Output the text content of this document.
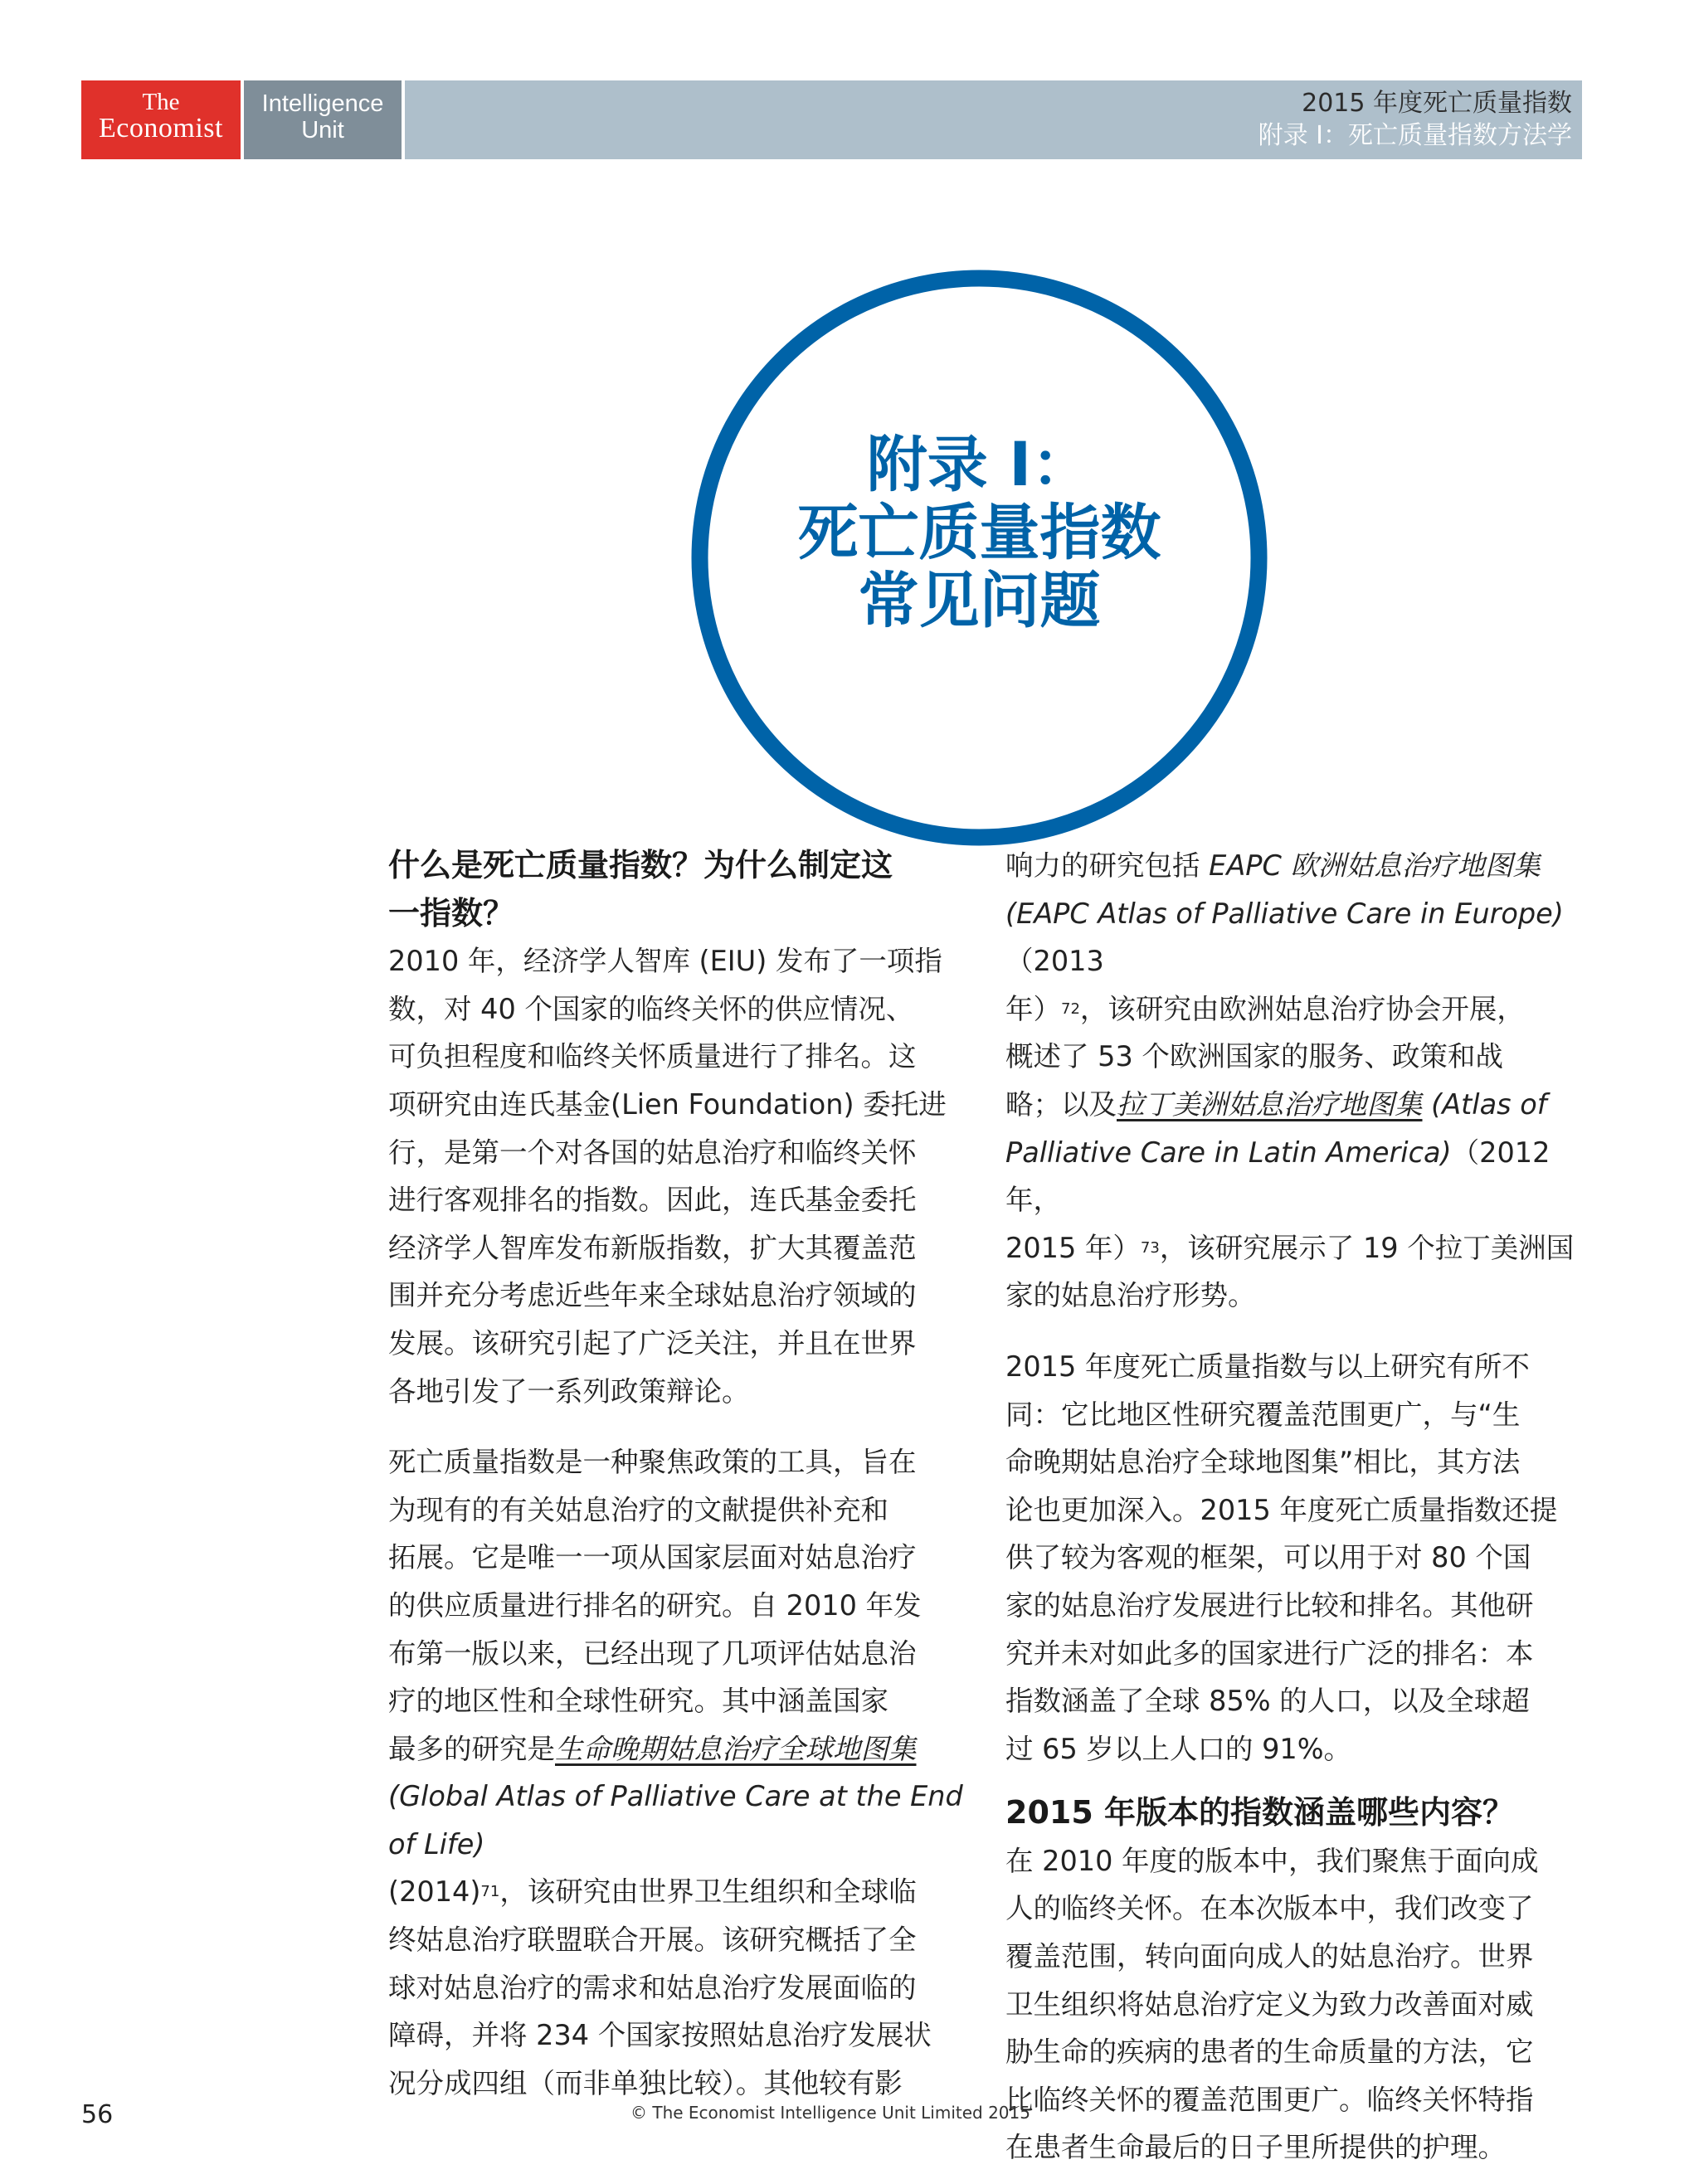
The
Economist
Intelligence
Unit
2015 年度死亡质量指数
附录 I：死亡质量指数方法学
附录 I：
死亡质量指数
常见问题
什么是死亡质量指数？为什么制定这
一指数？

2010 年，经济学人智库 (EIU) 发布了一项指
数，对 40 个国家的临终关怀的供应情况、
可负担程度和临终关怀质量进行了排名。这
项研究由连氏基金(Lien Foundation) 委托进
行，是第一个对各国的姑息治疗和临终关怀
进行客观排名的指数。因此，连氏基金委托
经济学人智库发布新版指数，扩大其覆盖范
围并充分考虑近些年来全球姑息治疗领域的
发展。该研究引起了广泛关注，并且在世界
各地引发了一系列政策辩论。

死亡质量指数是一种聚焦政策的工具，旨在
为现有的有关姑息治疗的文献提供补充和
拓展。它是唯一一项从国家层面对姑息治疗
的供应质量进行排名的研究。自 2010 年发
布第一版以来，已经出现了几项评估姑息治
疗的地区性和全球性研究。其中涵盖国家
最多的研究是生命晚期姑息治疗全球地图集
(Global Atlas of Palliative Care at the End of Life)
$(2014)^{71}$，该研究由世界卫生组织和全球临
终姑息治疗联盟联合开展。该研究概括了全
球对姑息治疗的需求和姑息治疗发展面临的
障碍，并将 234 个国家按照姑息治疗发展状
况分成四组（而非单独比较）。其他较有影

响力的研究包括 EAPC 欧洲姑息治疗地图集
(EAPC Atlas of Palliative Care in Europe)（2013
年）$^{72}$，该研究由欧洲姑息治疗协会开展，
概述了 53 个欧洲国家的服务、政策和战
略；以及拉丁美洲姑息治疗地图集 (Atlas of
Palliative Care in Latin America)（2012 年，
2015 年）$^{73}$，该研究展示了 19 个拉丁美洲国
家的姑息治疗形势。

2015 年度死亡质量指数与以上研究有所不
同：它比地区性研究覆盖范围更广，与“生
命晚期姑息治疗全球地图集”相比，其方法
论也更加深入。2015 年度死亡质量指数还提
供了较为客观的框架，可以用于对 80 个国
家的姑息治疗发展进行比较和排名。其他研
究并未对如此多的国家进行广泛的排名：本
指数涵盖了全球 85% 的人口，以及全球超
过 65 岁以上人口的 91%。

2015 年版本的指数涵盖哪些内容？

在 2010 年度的版本中，我们聚焦于面向成
人的临终关怀。在本次版本中，我们改变了
覆盖范围，转向面向成人的姑息治疗。世界
卫生组织将姑息治疗定义为致力改善面对威
胁生命的疾病的患者的生命质量的方法，它
比临终关怀的覆盖范围更广。临终关怀特指
在患者生命最后的日子里所提供的护理。

56	© The Economist Intelligence Unit Limited 2015
